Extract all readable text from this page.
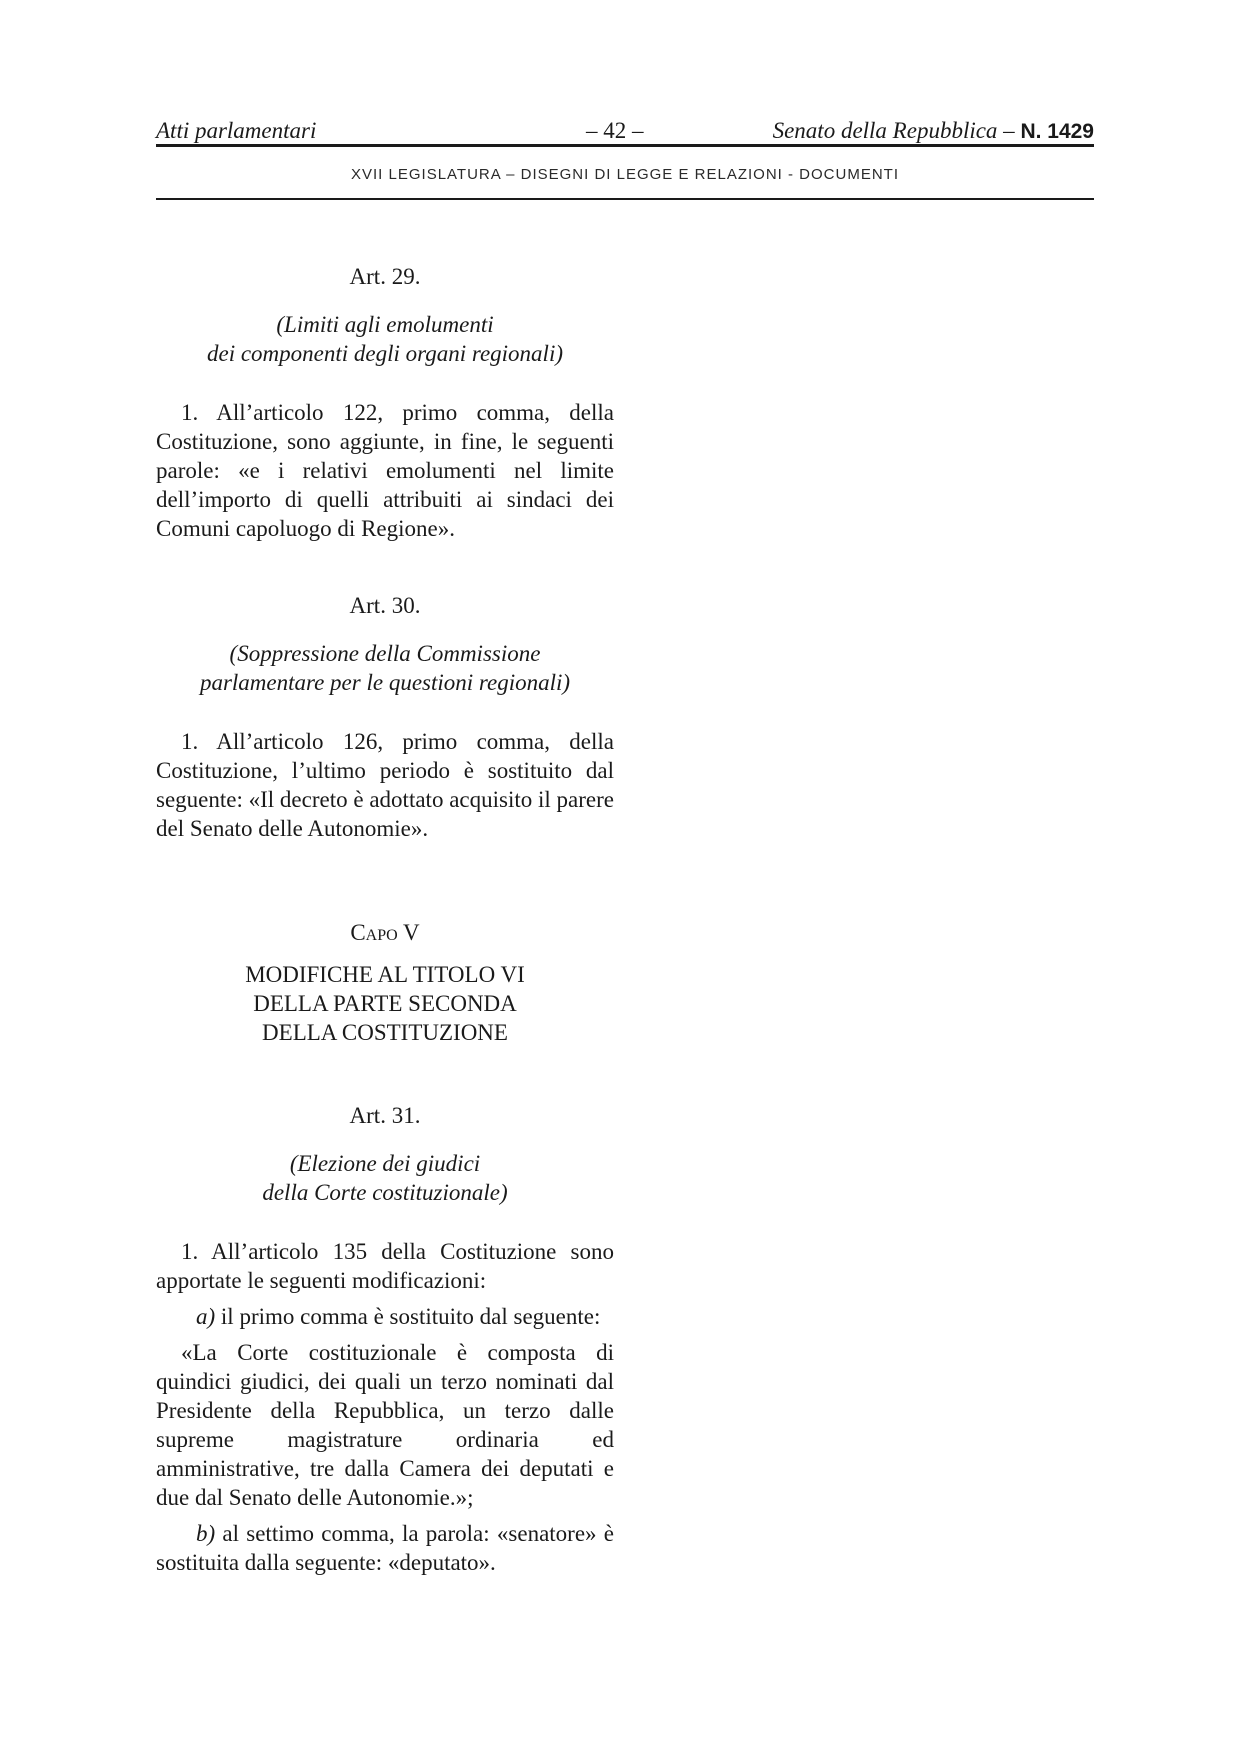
Atti parlamentari	– 42 –	Senato della Repubblica – N. 1429
XVII LEGISLATURA – DISEGNI DI LEGGE E RELAZIONI - DOCUMENTI
Art. 29.
(Limiti agli emolumenti
dei componenti degli organi regionali)

1. All’articolo 122, primo comma, della Costituzione, sono aggiunte, in fine, le seguenti parole: «e i relativi emolumenti nel limite dell’importo di quelli attribuiti ai sindaci dei Comuni capoluogo di Regione».

Art. 30.
(Soppressione della Commissione
parlamentare per le questioni regionali)

1. All’articolo 126, primo comma, della Costituzione, l’ultimo periodo è sostituito dal seguente: «Il decreto è adottato acquisito il parere del Senato delle Autonomie».

Capo V
MODIFICHE AL TITOLO VI
DELLA PARTE SECONDA
DELLA COSTITUZIONE
Art. 31.
(Elezione dei giudici
della Corte costituzionale)

1. All’articolo 135 della Costituzione sono apportate le seguenti modificazioni:

a) il primo comma è sostituito dal seguente:

«La Corte costituzionale è composta di quindici giudici, dei quali un terzo nominati dal Presidente della Repubblica, un terzo dalle supreme magistrature ordinaria ed amministrative, tre dalla Camera dei deputati e due dal Senato delle Autonomie.»;

b) al settimo comma, la parola: «senatore» è sostituita dalla seguente: «deputato».
